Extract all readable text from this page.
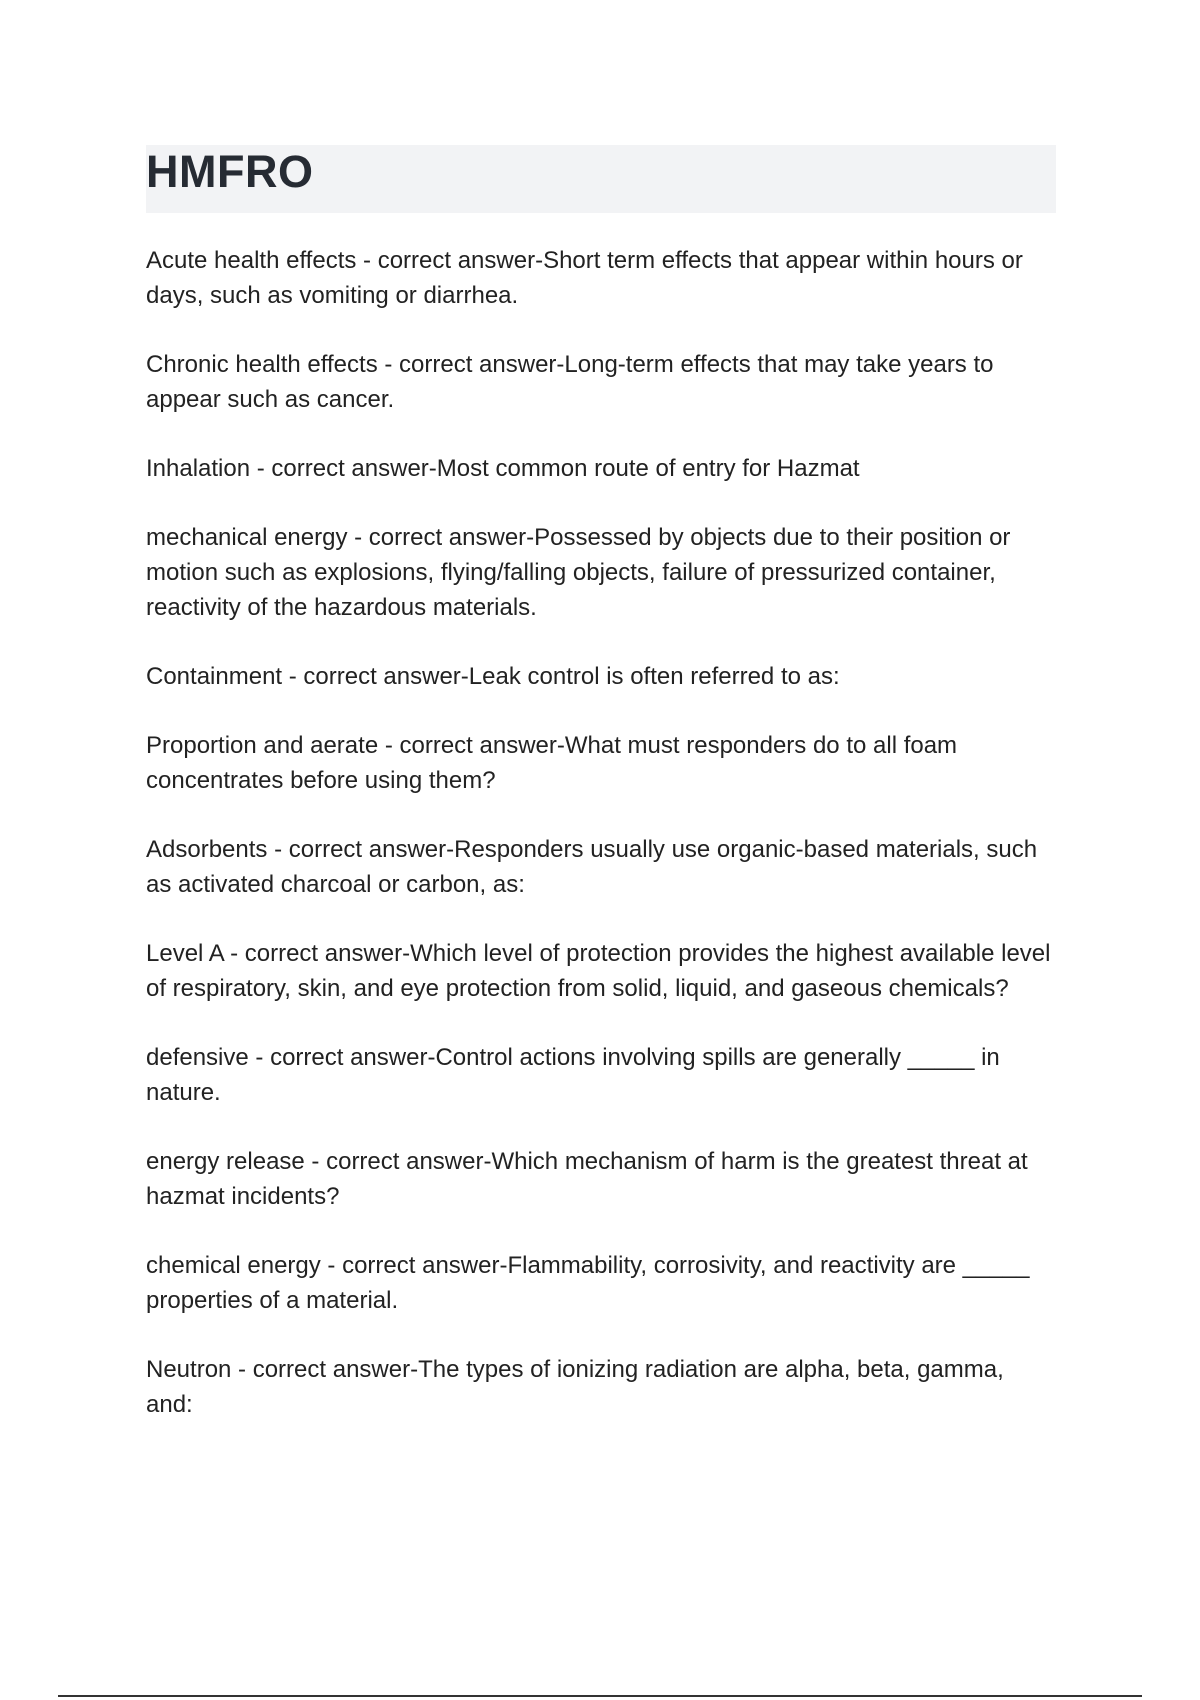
HMFRO
Acute health effects - correct answer-Short term effects that appear within hours or days, such as vomiting or diarrhea.
Chronic health effects - correct answer-Long-term effects that may take years to appear such as cancer.
Inhalation - correct answer-Most common route of entry for Hazmat
mechanical energy - correct answer-Possessed by objects due to their position or motion such as explosions, flying/falling objects, failure of pressurized container, reactivity of the hazardous materials.
Containment - correct answer-Leak control is often referred to as:
Proportion and aerate - correct answer-What must responders do to all foam concentrates before using them?
Adsorbents - correct answer-Responders usually use organic-based materials, such as activated charcoal or carbon, as:
Level A - correct answer-Which level of protection provides the highest available level of respiratory, skin, and eye protection from solid, liquid, and gaseous chemicals?
defensive - correct answer-Control actions involving spills are generally _____ in nature.
energy release - correct answer-Which mechanism of harm is the greatest threat at hazmat incidents?
chemical energy - correct answer-Flammability, corrosivity, and reactivity are _____ properties of a material.
Neutron - correct answer-The types of ionizing radiation are alpha, beta, gamma, and:
